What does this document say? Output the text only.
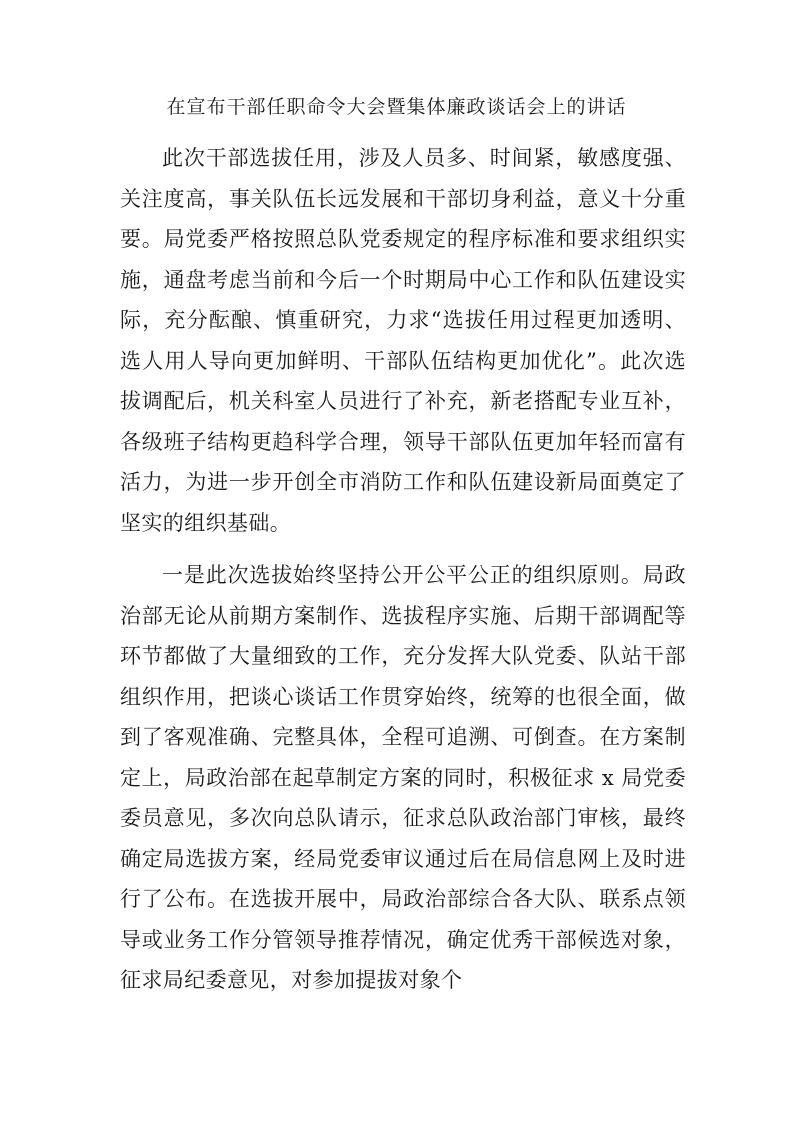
在宣布干部任职命令大会暨集体廉政谈话会上的讲话

此次干部选拔任用，涉及人员多、时间紧，敏感度强、关注度高，事关队伍长远发展和干部切身利益，意义十分重要。局党委严格按照总队党委规定的程序标准和要求组织实施，通盘考虑当前和今后一个时期局中心工作和队伍建设实际，充分酝酿、慎重研究，力求“选拔任用过程更加透明、选人用人导向更加鲜明、干部队伍结构更加优化”。此次选拔调配后，机关科室人员进行了补充，新老搭配专业互补，各级班子结构更趋科学合理，领导干部队伍更加年轻而富有活力，为进一步开创全市消防工作和队伍建设新局面奠定了坚实的组织基础。

一是此次选拔始终坚持公开公平公正的组织原则。局政治部无论从前期方案制作、选拔程序实施、后期干部调配等环节都做了大量细致的工作，充分发挥大队党委、队站干部组织作用，把谈心谈话工作贯穿始终，统筹的也很全面，做到了客观准确、完整具体，全程可追溯、可倒查。在方案制定上，局政治部在起草制定方案的同时，积极征求 x 局党委委员意见，多次向总队请示，征求总队政治部门审核，最终确定局选拔方案，经局党委审议通过后在局信息网上及时进行了公布。在选拔开展中，局政治部综合各大队、联系点领导或业务工作分管领导推荐情况，确定优秀干部候选对象，征求局纪委意见，对参加提拔对象个
